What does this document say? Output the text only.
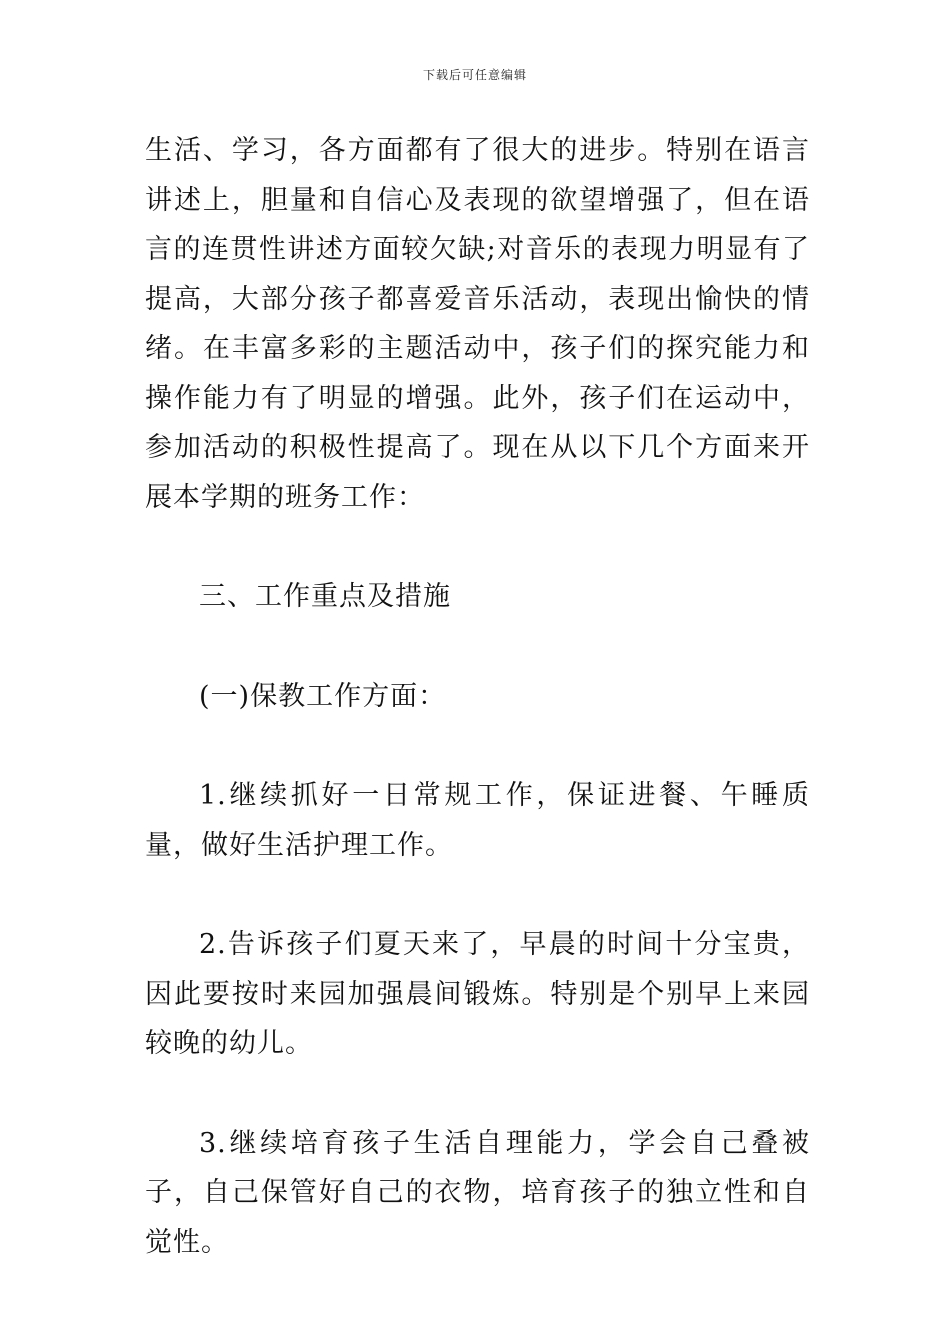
下载后可任意编辑

生活、学习，各方面都有了很大的进步。特别在语言讲述上，胆量和自信心及表现的欲望增强了，但在语言的连贯性讲述方面较欠缺;对音乐的表现力明显有了提高，大部分孩子都喜爱音乐活动，表现出愉快的情绪。在丰富多彩的主题活动中，孩子们的探究能力和操作能力有了明显的增强。此外，孩子们在运动中，参加活动的积极性提高了。现在从以下几个方面来开展本学期的班务工作：

三、工作重点及措施

(一)保教工作方面：

1.继续抓好一日常规工作，保证进餐、午睡质量，做好生活护理工作。

2.告诉孩子们夏天来了，早晨的时间十分宝贵，因此要按时来园加强晨间锻炼。特别是个别早上来园较晚的幼儿。

3.继续培育孩子生活自理能力，学会自己叠被子，自己保管好自己的衣物，培育孩子的独立性和自觉性。
